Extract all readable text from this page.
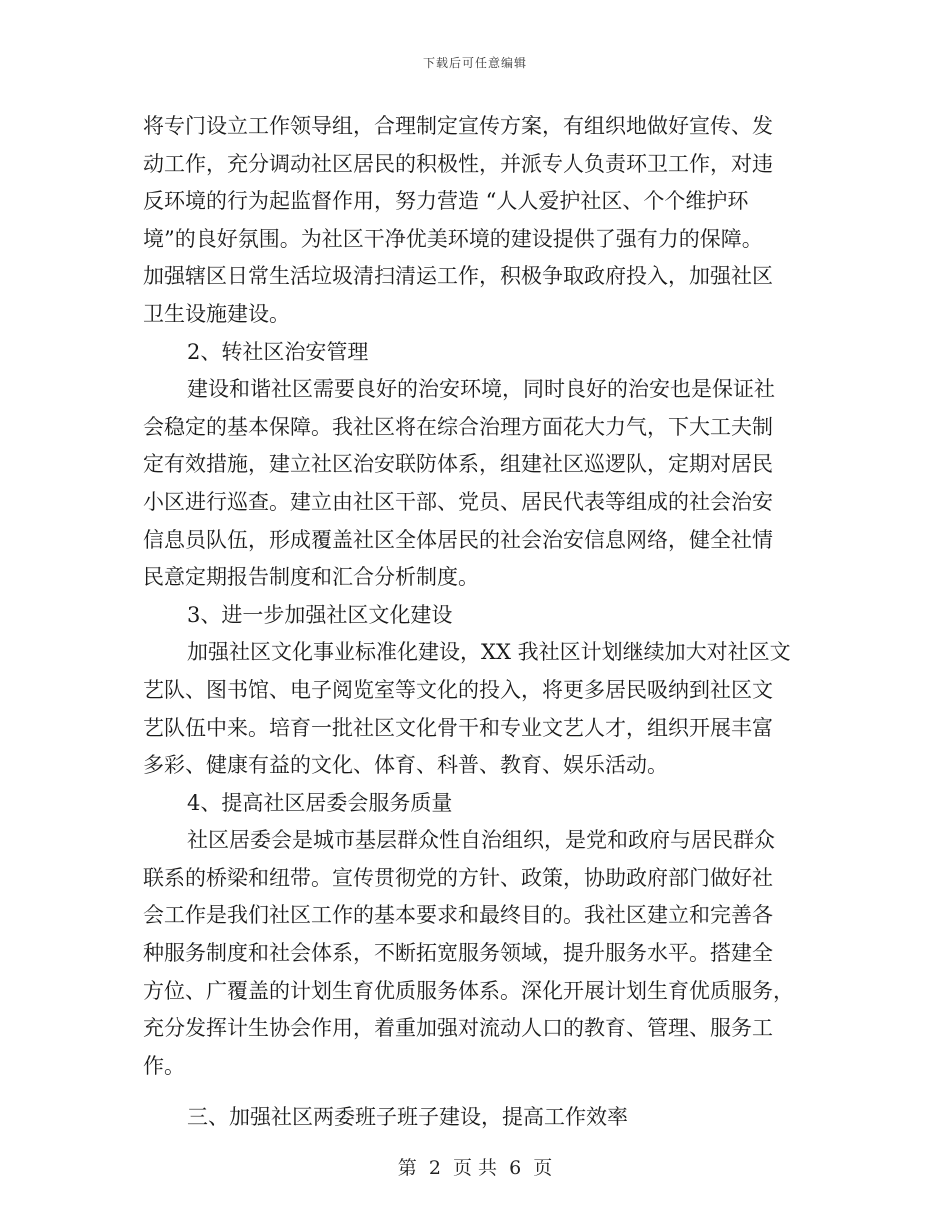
下载后可任意编辑
将专门设立工作领导组，合理制定宣传方案，有组织地做好宣传、发
动工作，充分调动社区居民的积极性，并派专人负责环卫工作，对违
反环境的行为起监督作用，努力营造 “人人爱护社区、个个维护环
境”的良好氛围。为社区干净优美环境的建设提供了强有力的保障。
加强辖区日常生活垃圾清扫清运工作，积极争取政府投入，加强社区
卫生设施建设。
2、转社区治安管理
建设和谐社区需要良好的治安环境，同时良好的治安也是保证社
会稳定的基本保障。我社区将在综合治理方面花大力气，下大工夫制
定有效措施，建立社区治安联防体系，组建社区巡逻队，定期对居民
小区进行巡查。建立由社区干部、党员、居民代表等组成的社会治安
信息员队伍，形成覆盖社区全体居民的社会治安信息网络，健全社情
民意定期报告制度和汇合分析制度。
3、进一步加强社区文化建设
加强社区文化事业标准化建设，XX 我社区计划继续加大对社区文
艺队、图书馆、电子阅览室等文化的投入，将更多居民吸纳到社区文
艺队伍中来。培育一批社区文化骨干和专业文艺人才，组织开展丰富
多彩、健康有益的文化、体育、科普、教育、娱乐活动。
4、提高社区居委会服务质量
社区居委会是城市基层群众性自治组织，是党和政府与居民群众
联系的桥梁和纽带。宣传贯彻党的方针、政策，协助政府部门做好社
会工作是我们社区工作的基本要求和最终目的。我社区建立和完善各
种服务制度和社会体系，不断拓宽服务领域，提升服务水平。搭建全
方位、广覆盖的计划生育优质服务体系。深化开展计划生育优质服务，
充分发挥计生协会作用，着重加强对流动人口的教育、管理、服务工
作。
三、加强社区两委班子班子建设，提高工作效率
第 2 页 共 6 页
